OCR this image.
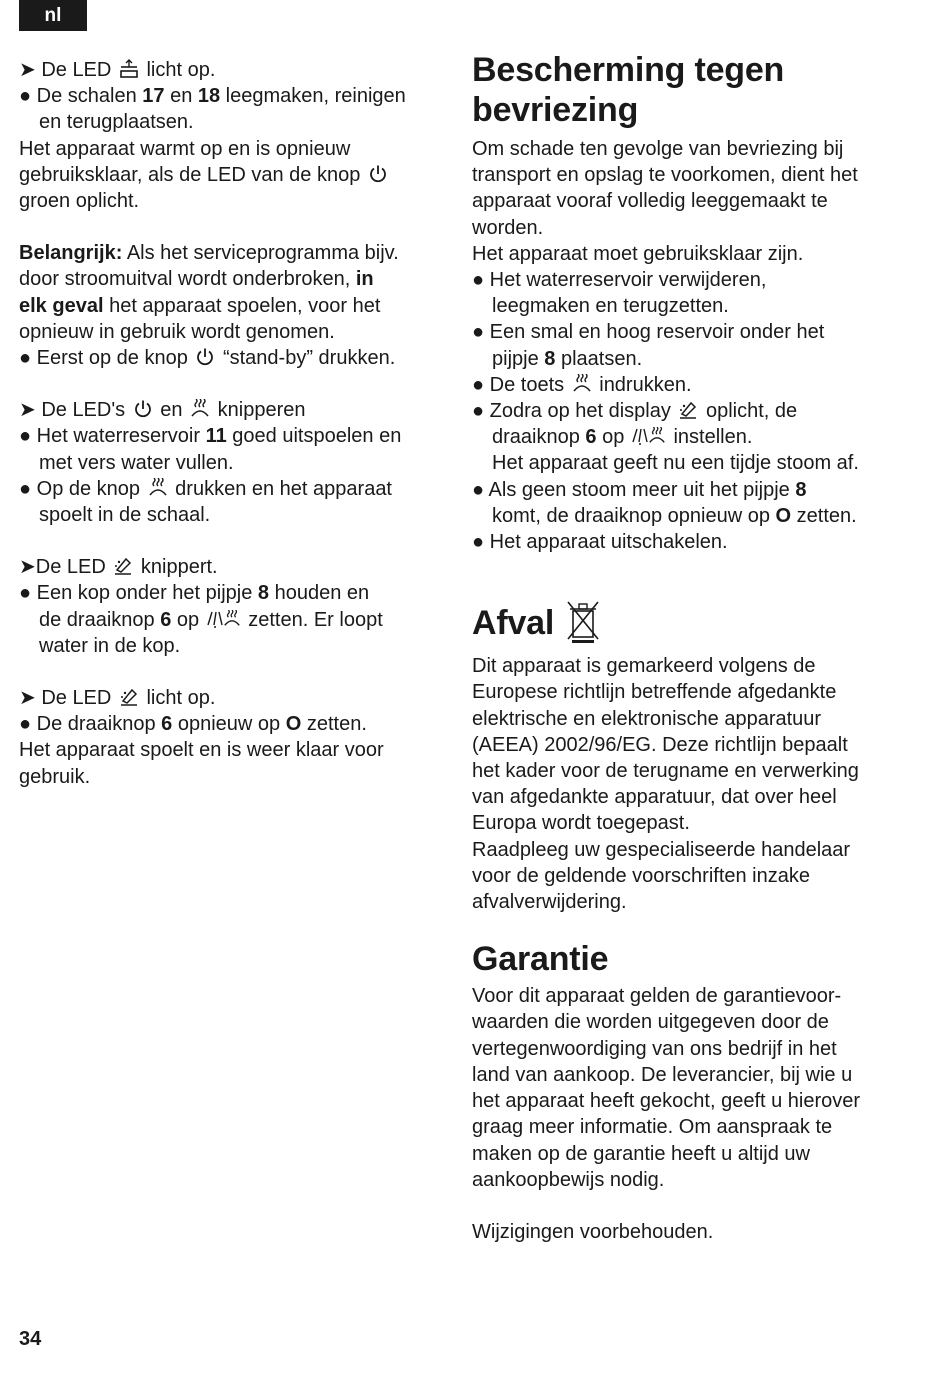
nl
➤ De LED
licht op.
● De schalen 17 en 18 leegmaken, reinigen
en terugplaatsen.
Het apparaat warmt op en is opnieuw
gebruiksklaar, als de LED van de knop
groen oplicht.
Belangrijk: Als het serviceprogramma bijv.
door stroomuitval wordt onderbroken, in
elk geval het apparaat spoelen, voor het
opnieuw in gebruik wordt genomen.
● Eerst op de knop
“stand-by” drukken.
➤ De LED's
en
knipperen
● Het waterreservoir 11 goed uitspoelen en
met vers water vullen.
● Op de knop
drukken en het apparaat
spoelt in de schaal.
➤De LED
knippert.
● Een kop onder het pijpje 8 houden en
de draaiknop 6 op
zetten. Er loopt
water in de kop.
➤ De LED
licht op.
● De draaiknop 6 opnieuw op O zetten.
Het apparaat spoelt en is weer klaar voor
gebruik.
Bescherming tegen
bevriezing
Om schade ten gevolge van bevriezing bij
transport en opslag te voorkomen, dient het
apparaat vooraf volledig leeggemaakt te
worden.
Het apparaat moet gebruiksklaar zijn.
● Het waterreservoir verwijderen,
leegmaken en terugzetten.
● Een smal en hoog reservoir onder het
pijpje 8 plaatsen.
● De toets
indrukken.
● Zodra op het display
oplicht, de
draaiknop 6 op
instellen.
Het apparaat geeft nu een tijdje stoom af.
● Als geen stoom meer uit het pijpje 8
komt, de draaiknop opnieuw op O zetten.
● Het apparaat uitschakelen.
Afval
Dit apparaat is gemarkeerd volgens de
Europese richtlijn betreffende afgedankte
elektrische en elektronische apparatuur
(AEEA) 2002/96/EG. Deze richtlijn bepaalt
het kader voor de terugname en verwerking
van afgedankte apparatuur, dat over heel
Europa wordt toegepast.
Raadpleeg uw gespecialiseerde handelaar
voor de geldende voorschriften inzake
afvalverwijdering.
Garantie
Voor dit apparaat gelden de garantievoor-
waarden die worden uitgegeven door de
vertegenwoordiging van ons bedrijf in het
land van aankoop. De leverancier, bij wie u
het apparaat heeft gekocht, geeft u hierover
graag meer informatie. Om aanspraak te
maken op de garantie heeft u altijd uw
aankoopbewijs nodig.
Wijzigingen voorbehouden.
34
